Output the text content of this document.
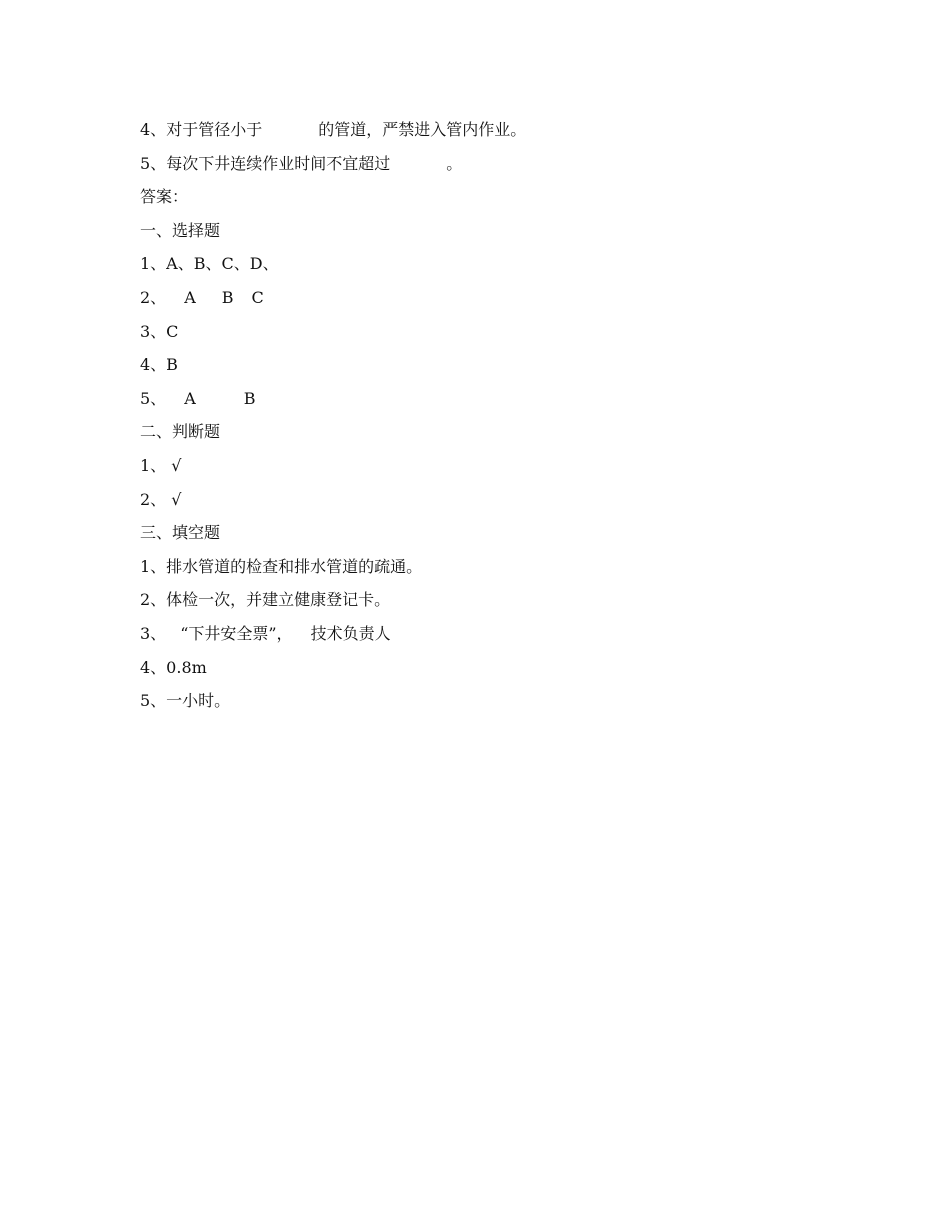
4、对于管径小于	的管道，严禁进入管内作业。
5、每次下井连续作业时间不宜超过	。
答案：
一、选择题
1、A、B、C、D、
2、 A B C
3、C
4、B
5、 A	B
二、判断题
1、 √
2、 √
三、填空题
1、排水管道的检查和排水管道的疏通。
2、体检一次，并建立健康登记卡。
3、 “下井安全票”， 技术负责人
4、0.8m
5、一小时。
